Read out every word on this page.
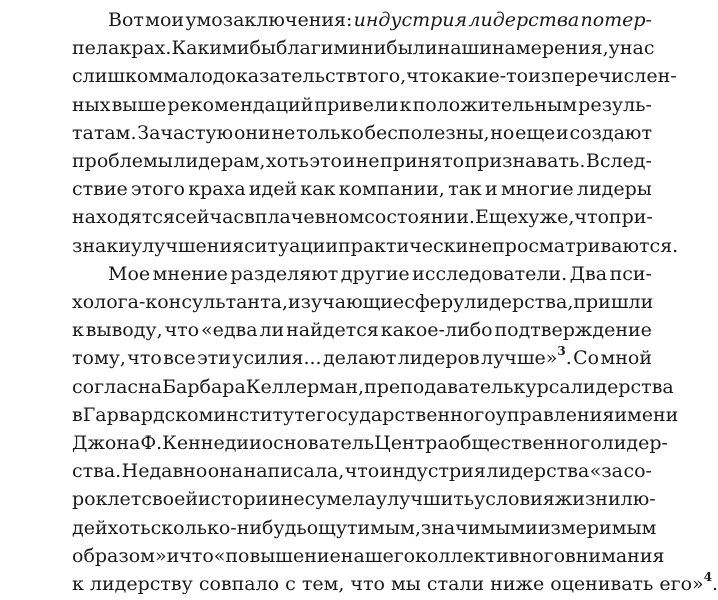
Вот мои умозаключения: индустрия лидерства потер-
пела крах. Какими бы благими ни были наши намерения, у нас
слишком мало доказательств того, что какие-то из перечислен-
ных выше рекомендаций привели к положительным резуль-
татам. Зачастую они не только бесполезны, но еще и создают
проблемы лидерам, хоть это и не принято признавать. Вслед-
ствие этого краха идей как компании, так и многие лидеры
находятся сейчас в плачевном состоянии. Еще хуже, что при-
знаки улучшения ситуации практически не просматриваются.
Мое мнение разделяют другие исследователи. Два пси-
холога-консультанта, изучающие сферу лидерства, пришли
к выводу, что «едва ли найдется какое-либо подтверждение
тому, что все эти усилия... делают лидеров лучше»$^3$. Со мной
согласна Барбара Келлерман, преподаватель курса лидерства
в Гарвардском институте государственного управления имени
Джона Ф. Кеннеди и основатель Центра общественного лидер-
ства. Недавно она написала, что индустрия лидерства «за со-
рок лет своей истории не сумела улучшить условия жизни лю-
дей хоть сколько-нибудь ощутимым, значимым и измеримым
образом» и что «повышение нашего коллективного внимания
к лидерству совпало с тем, что мы стали ниже оценивать его»$^4$.
